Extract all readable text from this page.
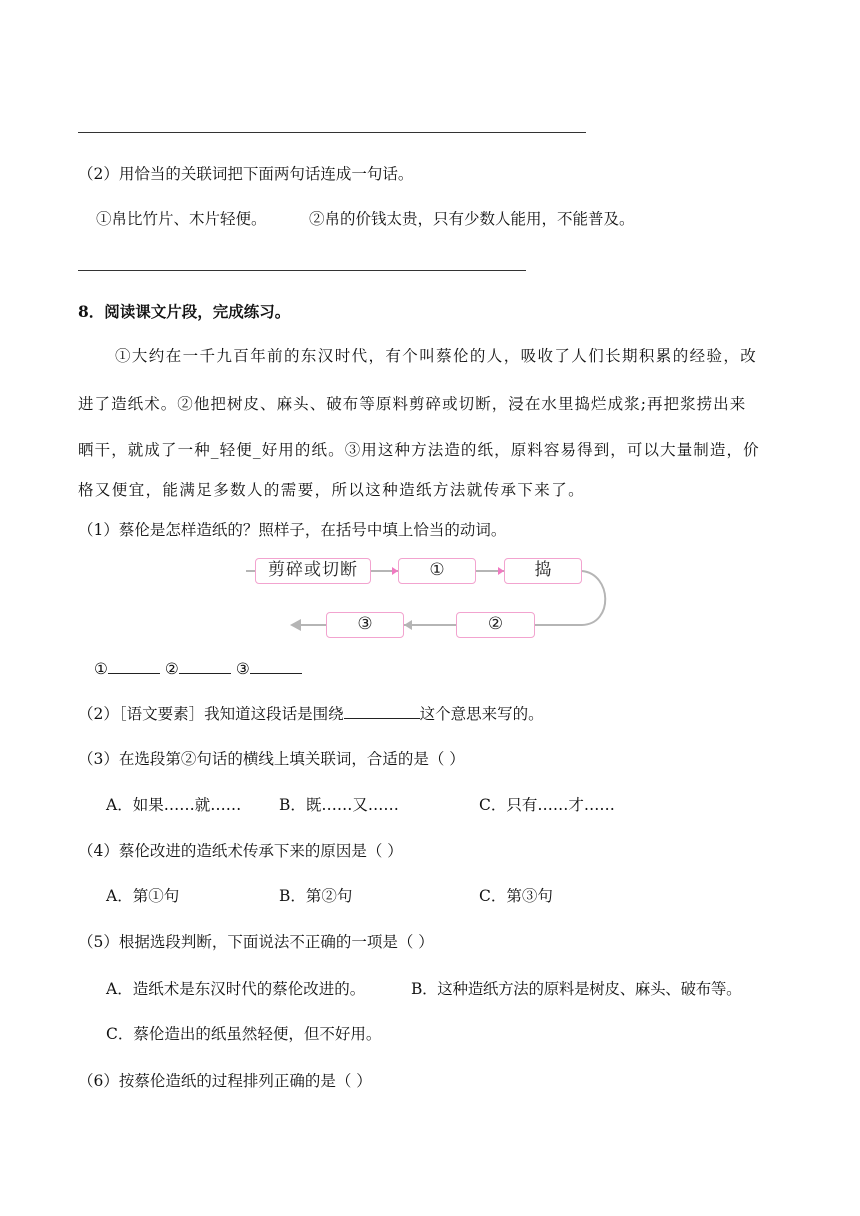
（2）用恰当的关联词把下面两句话连成一句话。
①帛比竹片、木片轻便。	②帛的价钱太贵，只有少数人能用，不能普及。
8．阅读课文片段，完成练习。
①大约在一千九百年前的东汉时代，有个叫蔡伦的人，吸收了人们长期积累的经验，改
进了造纸术。②他把树皮、麻头、破布等原料剪碎或切断，浸在水里捣烂成浆;再把浆捞出来
晒干，就成了一种_轻便_好用的纸。③用这种方法造的纸，原料容易得到，可以大量制造，价
格又便宜，能满足多数人的需要，所以这种造纸方法就传承下来了。
（1）蔡伦是怎样造纸的？照样子，在括号中填上恰当的动词。
剪碎或切断	①	捣
②
③
①	②	③
（2）［语文要素］我知道这段话是围绕	这个意思来写的。
（3）在选段第②句话的横线上填关联词，合适的是（ ）
A．如果……就…… B．既……又……	C．只有……才……
（4）蔡伦改进的造纸术传承下来的原因是（ ）
A．第①句	B．第②句	C．第③句
（5）根据选段判断，下面说法不正确的一项是（ ）
A．造纸术是东汉时代的蔡伦改进的。	B．这种造纸方法的原料是树皮、麻头、破布等。
C．蔡伦造出的纸虽然轻便，但不好用。
（6）按蔡伦造纸的过程排列正确的是（ ）
